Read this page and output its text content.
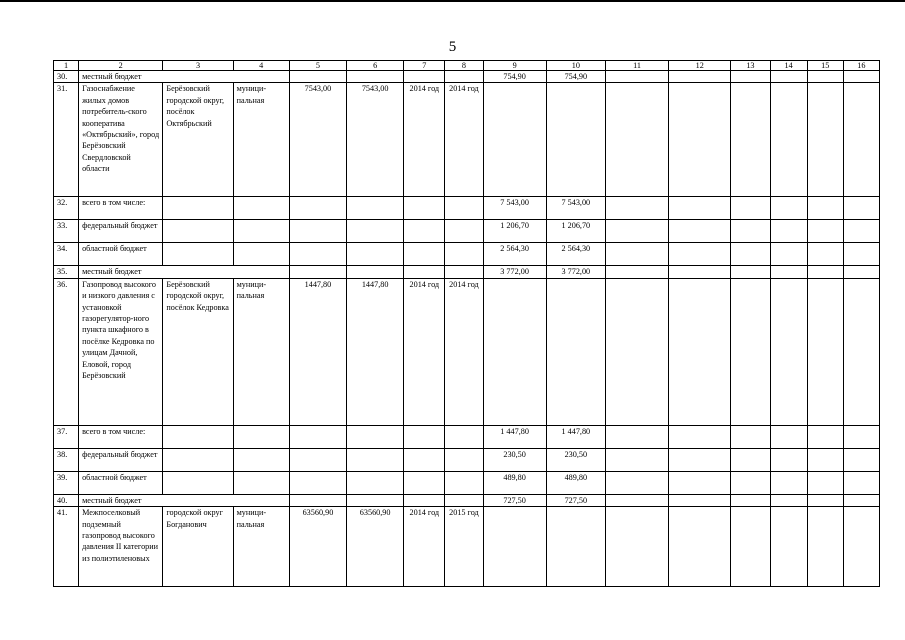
5
1	2	3	4	5	6	7	8	9	10	11	12	13	14	15	16
30.	местный бюджет							754,90	754,90						
31.	Газоснабжение жилых домов потребитель-ского кооператива «Октябрьский», город Берёзовский Свердловской области	Берёзовский городской округ, посёлок Октябрьский	муници-пальная	7543,00	7543,00	2014 год	2014 год								
32.	всего в том числе:							7 543,00	7 543,00						
33.	федеральный бюджет							1 206,70	1 206,70						
34.	областной бюджет							2 564,30	2 564,30						
35.	местный бюджет							3 772,00	3 772,00						
36.	Газопровод высокого и низкого давления с установкой газорегулятор-ного пункта шкафного в посёлке Кедровка по улицам Дачной, Еловой, город Берёзовский	Берёзовский городской округ, посёлок Кедровка	муници-пальная	1447,80	1447,80	2014 год	2014 год								
37.	всего в том числе:							1 447,80	1 447,80						
38.	федеральный бюджет							230,50	230,50						
39.	областной бюджет							489,80	489,80						
40.	местный бюджет							727,50	727,50						
41.	Межпоселковый подземный газопровод высокого давления II категории из полиэтиленовых	городской округ Богданович	муници-пальная	63560,90	63560,90	2014 год	2015 год								
